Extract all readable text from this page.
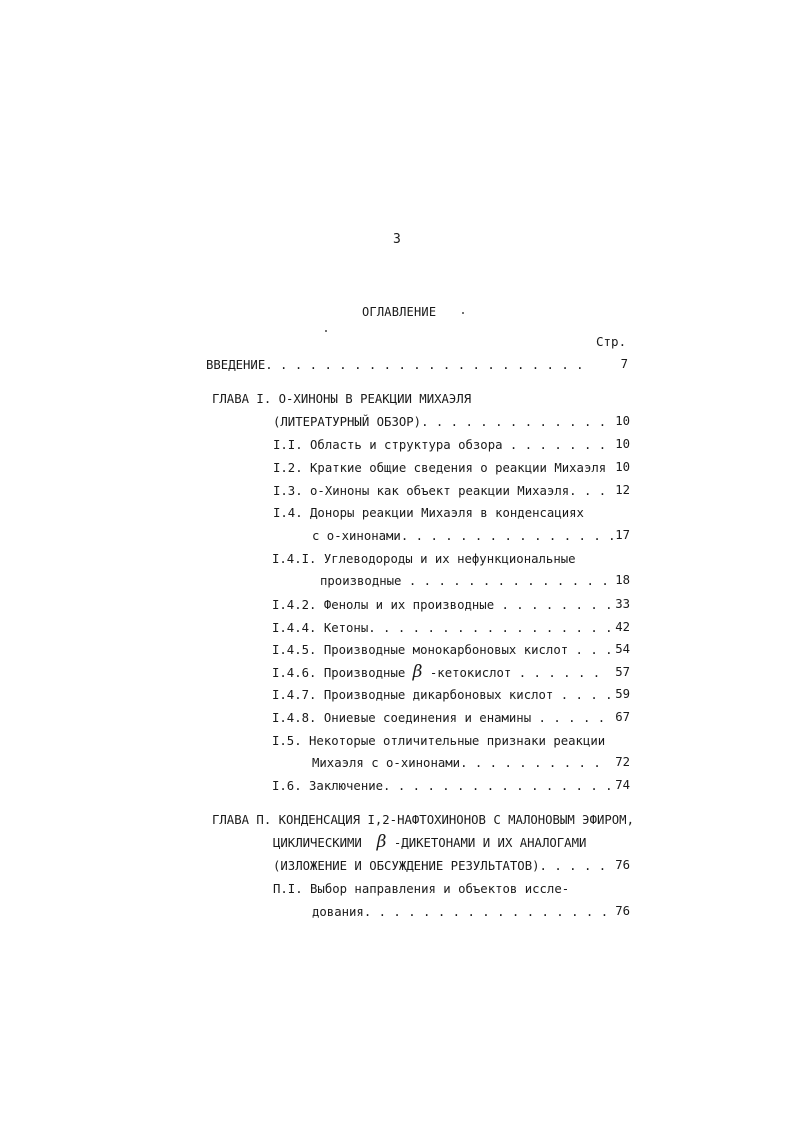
3
ОГЛАВЛЕНИЕ
Стр.
ВВЕДЕНИЕ. . . . . . . . . . . . . . . . . . . . . .	7
ГЛАВА I. О-ХИНОНЫ В РЕАКЦИИ МИХАЭЛЯ
(ЛИТЕРАТУРНЫЙ ОБЗОР). . . . . . . . . . . . . 10
I.I. Область и структура обзора . . . . . . . 10
I.2. Краткие общие сведения о реакции Михаэля 10
I.3. о-Хиноны как объект реакции Михаэля. . . 12
I.4. Доноры реакции Михаэля в конденсациях
с о-хинонами. . . . . . . . . . . . . . . 17
I.4.I. Углеводороды и их нефункциональные
производные . . . . . . . . . . . . . . 18
I.4.2. Фенолы и их производные . . . . . . . . 33
I.4.4. Кетоны. . . . . . . . . . . . . . . . . 42
I.4.5. Производные монокарбоновых кислот . . . 54
I.4.6. Производные β -кетокислот . . . . . .	57
I.4.7. Производные дикарбоновых кислот . . . . 59
I.4.8. Ониевые соединения и енамины . . . . . 67
I.5. Некоторые отличительные признаки реакции
Михаэля с о-хинонами. . . . . . . . . .	72
I.6. Заключение. . . . . . . . . . . . . . . . 74
ГЛАВА П. КОНДЕНСАЦИЯ I,2-НАФТОХИНОНОВ С МАЛОНОВЫМ ЭФИРОМ,
ЦИКЛИЧЕСКИМИ  β -ДИКЕТОНАМИ И ИХ АНАЛОГАМИ
(ИЗЛОЖЕНИЕ И ОБСУЖДЕНИЕ РЕЗУЛЬТАТОВ). . . . . 76
П.I. Выбор направления и объектов иссле-
дования. . . . . . . . . . . . . . . . . 76
